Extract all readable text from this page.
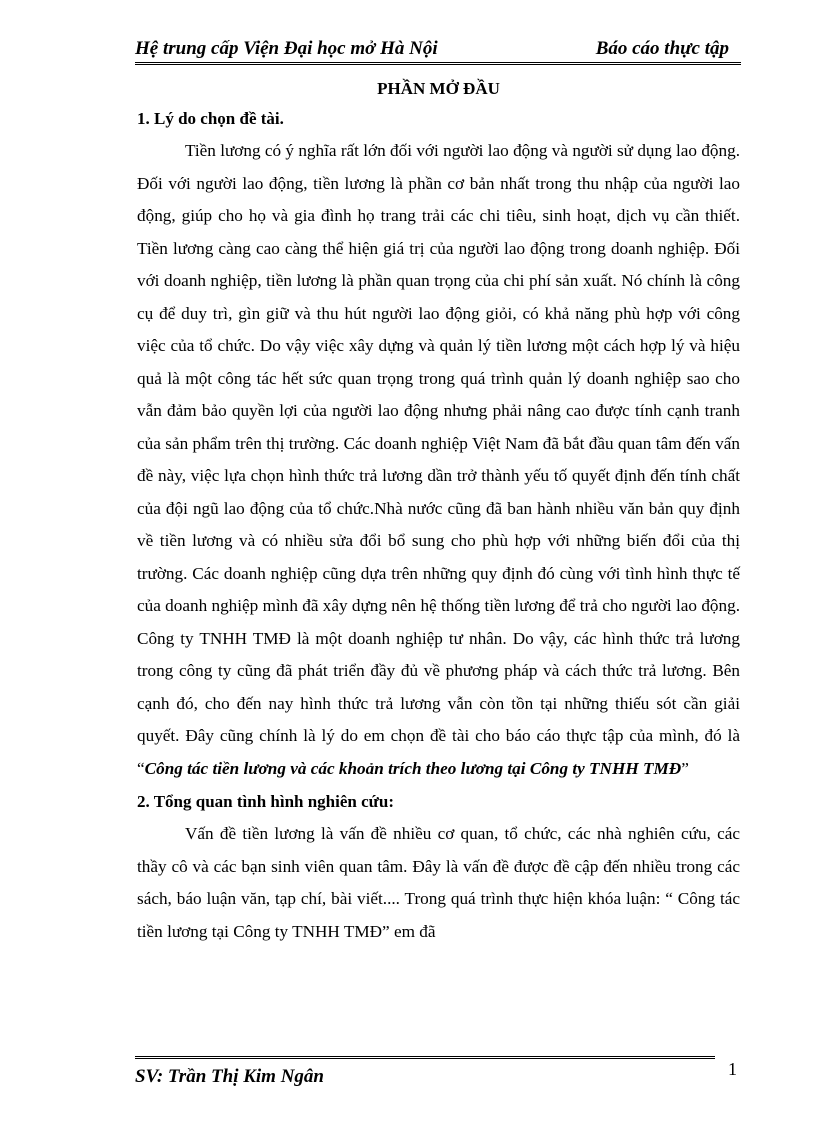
Hệ trung cấp Viện Đại học mở Hà Nội	Báo cáo thực tập
PHẦN MỞ ĐẦU
1. Lý do chọn đề tài.

Tiền lương có ý nghĩa rất lớn đối với người lao động và người sử dụng lao động. Đối với người lao động, tiền lương là phần cơ bản nhất trong thu nhập của người lao động, giúp cho họ và gia đình họ trang trải các chi tiêu, sinh hoạt, dịch vụ cần thiết. Tiền lương càng cao càng thể hiện giá trị của người lao động trong doanh nghiệp. Đối với doanh nghiệp, tiền lương là phần quan trọng của chi phí sản xuất. Nó chính là công cụ để duy trì, gìn giữ và thu hút người lao động giỏi, có khả năng phù hợp với công việc của tổ chức. Do vậy việc xây dựng và quản lý tiền lương một cách hợp lý và hiệu quả là một công tác hết sức quan trọng trong quá trình quản lý doanh nghiệp sao cho vẫn đảm bảo quyền lợi của người lao động nhưng phải nâng cao được tính cạnh tranh của sản phẩm trên thị trường. Các doanh nghiệp Việt Nam đã bắt đầu quan tâm đến vấn đề này, việc lựa chọn hình thức trả lương dần trở thành yếu tố quyết định đến tính chất của đội ngũ lao động của tổ chức.Nhà nước cũng đã ban hành nhiều văn bản quy định về tiền lương và có nhiều sửa đổi bổ sung cho phù hợp với những biến đổi của thị trường. Các doanh nghiệp cũng dựa trên những quy định đó cùng với tình hình thực tế của doanh nghiệp mình đã xây dựng nên hệ thống tiền lương để trả cho người lao động. Công ty TNHH TMĐ là một doanh nghiệp tư nhân. Do vậy, các hình thức trả lương trong công ty cũng đã phát triển đầy đủ về phương pháp và cách thức trả lương. Bên cạnh đó, cho đến nay hình thức trả lương vẫn còn tồn tại những thiếu sót cần giải quyết. Đây cũng chính là lý do em chọn đề tài cho báo cáo thực tập của mình, đó là “Công tác tiền lương và các khoản trích theo lương tại Công ty TNHH TMĐ”

2. Tổng quan tình hình nghiên cứu:

Vấn đề tiền lương là vấn đề nhiều cơ quan, tổ chức, các nhà nghiên cứu, các thầy cô và các bạn sinh viên quan tâm. Đây là vấn đề được đề cập đến nhiều trong các sách, báo luận văn, tạp chí, bài viết.... Trong quá trình thực hiện khóa luận: “ Công tác tiền lương tại Công ty TNHH TMĐ” em đã

1
SV: Trần Thị Kim Ngân
